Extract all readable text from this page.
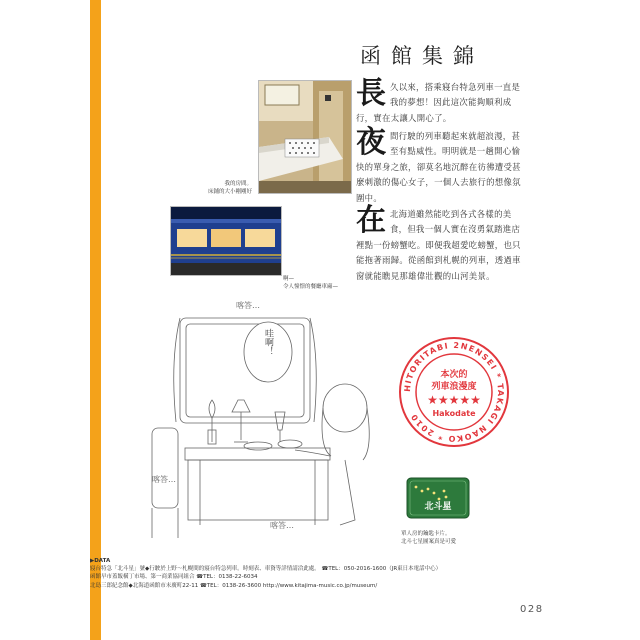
函館集錦
我的房間。
床鋪的大小剛剛好
啊—
令人憧憬的餐廳車廂—
長 久以來，搭乘寢台特急列車一直是我的夢想！因此這次能夠順利成行，實在太讓人開心了。
夜 間行駛的列車聽起來就超浪漫，甚至有點威性。明明就是一趟開心愉快的單身之旅，卻莫名地沉醉在彷彿遭受甚麼刺激的傷心女子，一個人去旅行的想像氛圍中。
在 北海道雖然能吃到各式各樣的美食，但我一個人實在沒勇氣踏進店裡點一份螃蟹吃。即便我超愛吃螃蟹，也只能拖著雨歸。從函館到札幌的列車，透過車窗就能瞧見那雄偉壯觀的山河美景。
哇啊！
喀答…
喀答…
喀答…
HITORITABI 2NENSEI * TAKAGI NAOKO * 2010
本次的
列車浪漫度
★★★★★
Hakodate
北斗星
單人房的鑰匙卡片。
北斗七星圖案真是可愛
▶DATA
寢台特急「北斗星」號◆行駛於上野～札幌間的寢台特急列車。時刻表、車資等詳情請洽此處。 ☎TEL：050-2016-1600（JR東日本電話中心）
函館早市蓋飯橫丁市場、第一商業協同組合 ☎TEL：0138-22-6034
北島三郎紀念館◆北海道函館市末廣町22-11 ☎TEL：0138-26-3600 http://www.kitajima-music.co.jp/museum/
028
